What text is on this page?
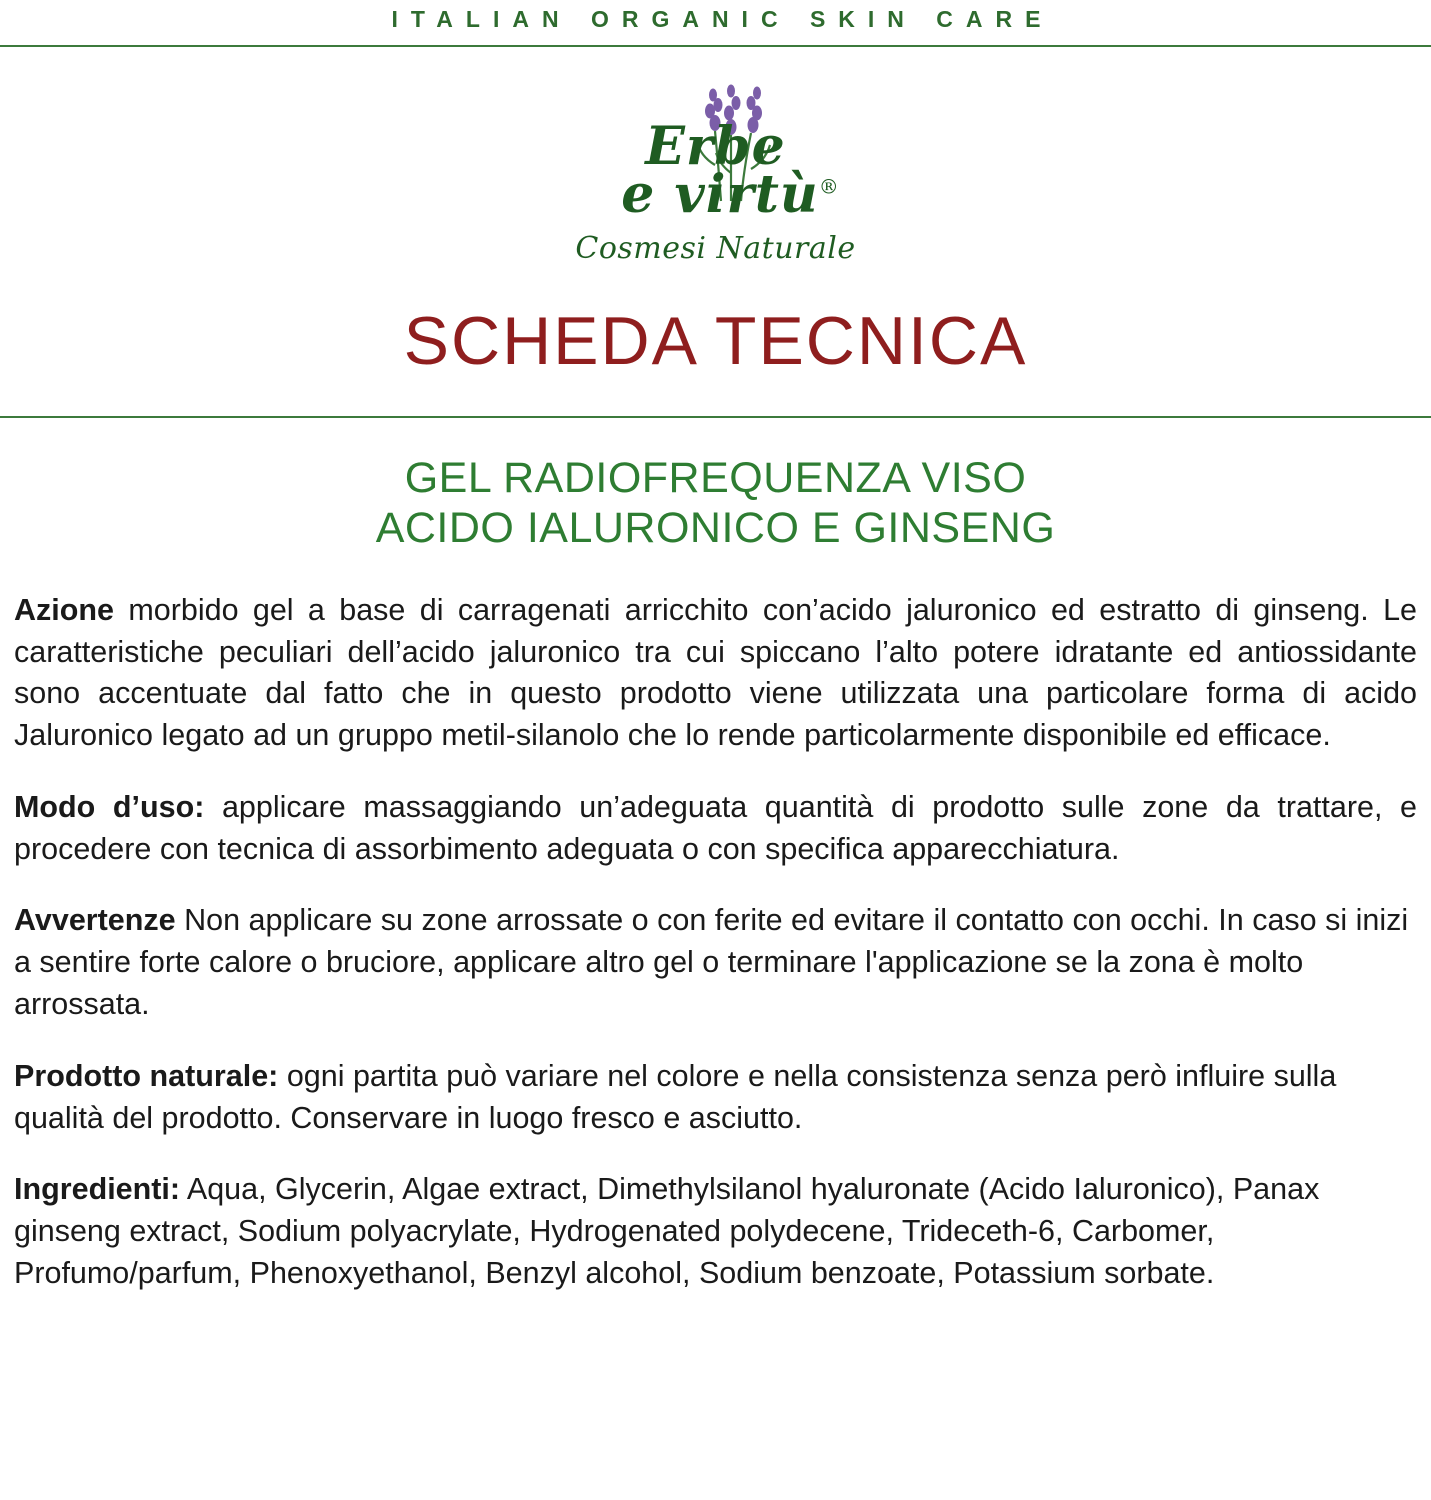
ITALIAN ORGANIC SKIN CARE
Erbe
e virtù®
Cosmesi Naturale
SCHEDA TECNICA
GEL RADIOFREQUENZA VISO
ACIDO IALURONICO E GINSENG

Azione morbido gel a base di carragenati arricchito con’acido jaluronico ed estratto di ginseng. Le caratteristiche peculiari dell’acido jaluronico tra cui spiccano l’alto potere idratante ed antiossidante sono accentuate dal fatto che in questo prodotto viene utilizzata una particolare forma di acido Jaluronico legato ad un gruppo metil-silanolo che lo rende particolarmente disponibile ed efficace.

Modo d’uso: applicare massaggiando un’adeguata quantità di prodotto sulle zone da trattare, e procedere con tecnica di assorbimento adeguata o con specifica apparecchiatura.

Avvertenze Non applicare su zone arrossate o con ferite ed evitare il contatto con occhi. In caso si inizi a sentire forte calore o bruciore, applicare altro gel o terminare l'applicazione se la zona è molto arrossata.

Prodotto naturale: ogni partita può variare nel colore e nella consistenza senza però influire sulla qualità del prodotto. Conservare in luogo fresco e asciutto.

Ingredienti: Aqua, Glycerin, Algae extract, Dimethylsilanol hyaluronate (Acido Ialuronico), Panax ginseng extract, Sodium polyacrylate, Hydrogenated polydecene, Trideceth-6, Carbomer, Profumo/parfum, Phenoxyethanol, Benzyl alcohol, Sodium benzoate, Potassium sorbate.
